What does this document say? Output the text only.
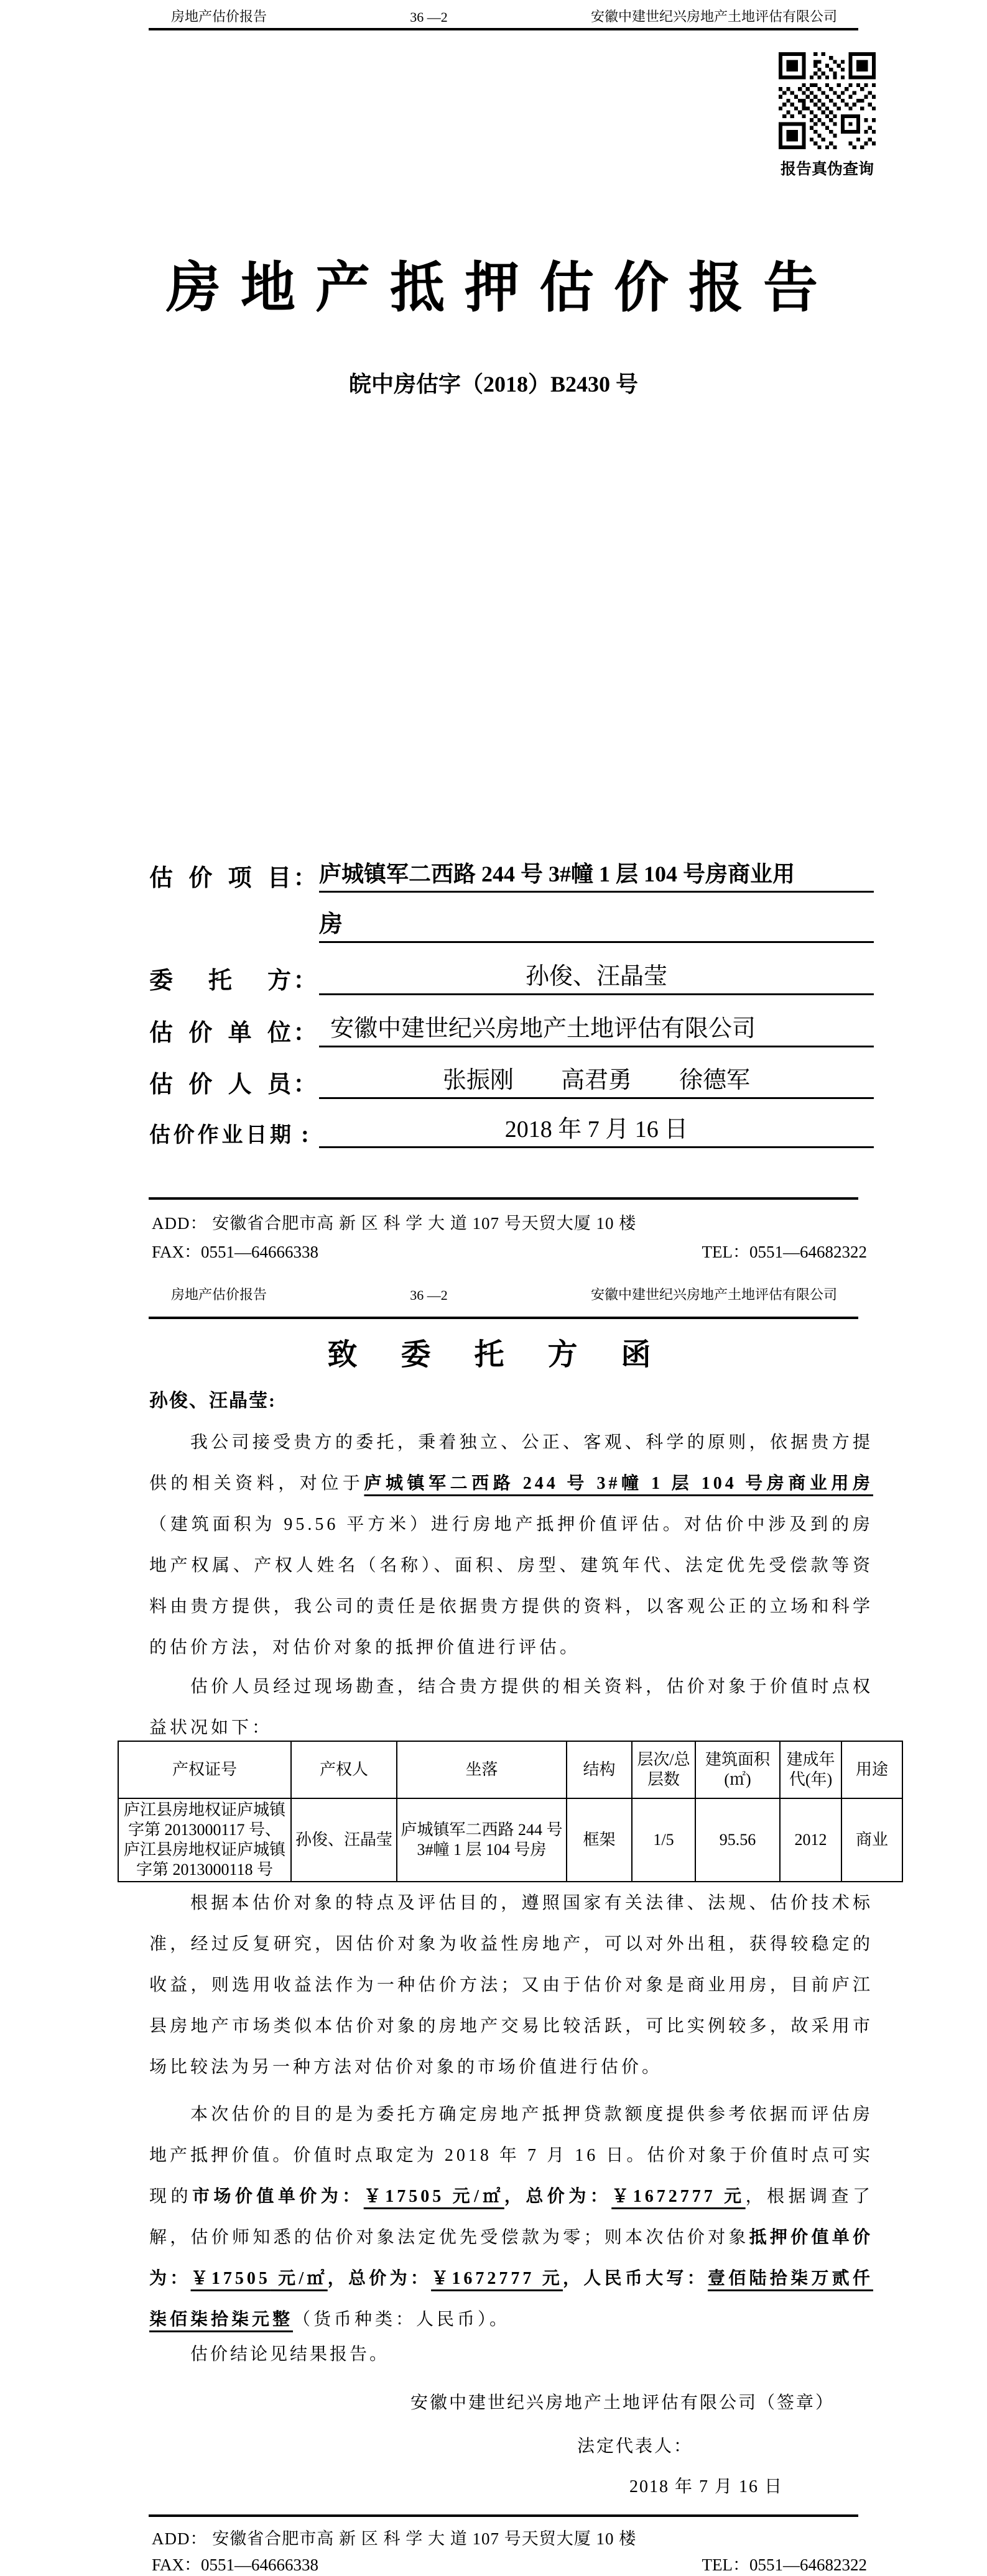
房地产估价报告	36 —2	安徽中建世纪兴房地产土地评估有限公司
报告真伪查询
房 地 产 抵 押 估 价 报 告
皖中房估字（2018）B2430 号
估 价 项 目 ： 庐城镇军二西路 244 号 3#幢 1 层 104 号房商业用
房
委 托 方 ：	孙俊、汪晶莹
估 价 单 位 ： 安徽中建世纪兴房地产土地评估有限公司
估 价 人 员 ：	张振刚　　高君勇　　徐德军
估 价 作 业 日 期 :	2018 年 7 月 16 日
ADD： 安徽省合肥市高 新 区 科 学 大 道 107 号天贸大厦 10 楼
FAX：0551—64666338	TEL：0551—64682322
房地产估价报告	36 —2	安徽中建世纪兴房地产土地评估有限公司
致 委 托 方 函
孙俊、汪晶莹:
我公司接受贵方的委托，秉着独立、公正、客观、科学的原则，依据贵方提供的相关资料，对位于庐城镇军二西路 244 号 3#幢 1 层 104 号房商业用房（建筑面积为 95.56 平方米）进行房地产抵押价值评估。对估价中涉及到的房地产权属、产权人姓名（名称）、面积、房型、建筑年代、法定优先受偿款等资料由贵方提供，我公司的责任是依据贵方提供的资料，以客观公正的立场和科学的估价方法，对估价对象的抵押价值进行评估。
估价人员经过现场勘查，结合贵方提供的相关资料，估价对象于价值时点权益状况如下：
产权证号	产权人	坐落	结构	层次/总层数	建筑面积(㎡)	建成年代(年)	用途
庐江县房地权证庐城镇字第 2013000117 号、庐江县房地权证庐城镇字第 2013000118 号	孙俊、汪晶莹	庐城镇军二西路 244 号 3#幢 1 层 104 号房	框架	1/5	95.56	2012	商业
根据本估价对象的特点及评估目的，遵照国家有关法律、法规、估价技术标准，经过反复研究，因估价对象为收益性房地产，可以对外出租，获得较稳定的收益，则选用收益法作为一种估价方法；又由于估价对象是商业用房，目前庐江县房地产市场类似本估价对象的房地产交易比较活跃，可比实例较多，故采用市场比较法为另一种方法对估价对象的市场价值进行估价。
本次估价的目的是为委托方确定房地产抵押贷款额度提供参考依据而评估房地产抵押价值。价值时点取定为 2018 年 7 月 16 日。估价对象于价值时点可实现的市场价值单价为：￥17505 元/㎡，总价为：￥1672777 元，根据调查了解，估价师知悉的估价对象法定优先受偿款为零；则本次估价对象抵押价值单价为：￥17505 元/㎡，总价为：￥1672777 元，人民币大写：壹佰陆拾柒万贰仟柒佰柒拾柒元整（货币种类：人民币）。
估价结论见结果报告。
安徽中建世纪兴房地产土地评估有限公司（签章）
法定代表人：
2018 年 7 月 16 日
ADD： 安徽省合肥市高 新 区 科 学 大 道 107 号天贸大厦 10 楼
FAX：0551—64666338	TEL：0551—64682322
